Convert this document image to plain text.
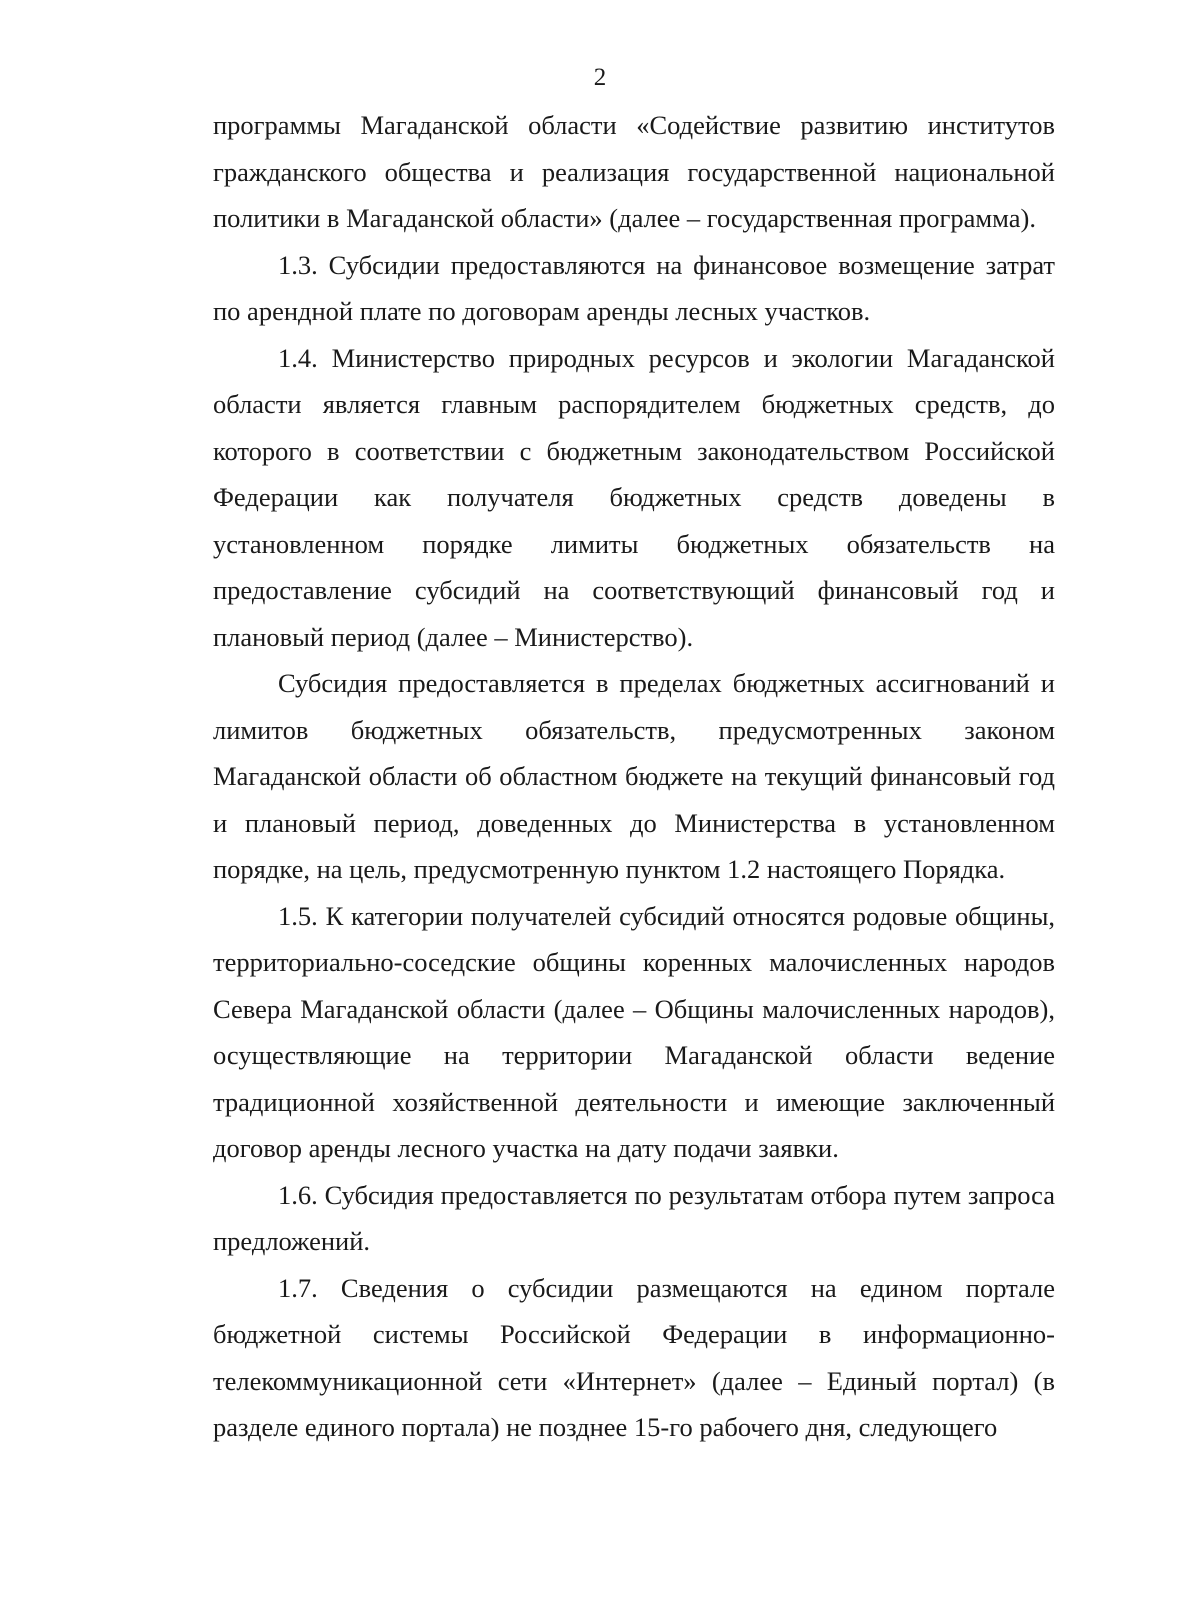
2

программы Магаданской области «Содействие развитию институтов гражданского общества и реализация государственной национальной политики в Магаданской области» (далее – государственная программа).

1.3. Субсидии предоставляются на финансовое возмещение затрат по арендной плате по договорам аренды лесных участков.

1.4. Министерство природных ресурсов и экологии Магаданской области является главным распорядителем бюджетных средств, до которого в соответствии с бюджетным законодательством Российской Федерации как получателя бюджетных средств доведены в установленном порядке лимиты бюджетных обязательств на предоставление субсидий на соответствующий финансовый год и плановый период (далее – Министерство).

Субсидия предоставляется в пределах бюджетных ассигнований и лимитов бюджетных обязательств, предусмотренных законом Магаданской области об областном бюджете на текущий финансовый год и плановый период, доведенных до Министерства в установленном порядке, на цель, предусмотренную пунктом 1.2 настоящего Порядка.

1.5. К категории получателей субсидий относятся родовые общины, территориально-соседские общины коренных малочисленных народов Севера Магаданской области (далее – Общины малочисленных народов), осуществляющие на территории Магаданской области ведение традиционной хозяйственной деятельности и имеющие заключенный договор аренды лесного участка на дату подачи заявки.

1.6. Субсидия предоставляется по результатам отбора путем запроса предложений.

1.7. Сведения о субсидии размещаются на едином портале бюджетной системы Российской Федерации в информационно-телекоммуникационной сети «Интернет» (далее – Единый портал) (в разделе единого портала) не позднее 15-го рабочего дня, следующего
